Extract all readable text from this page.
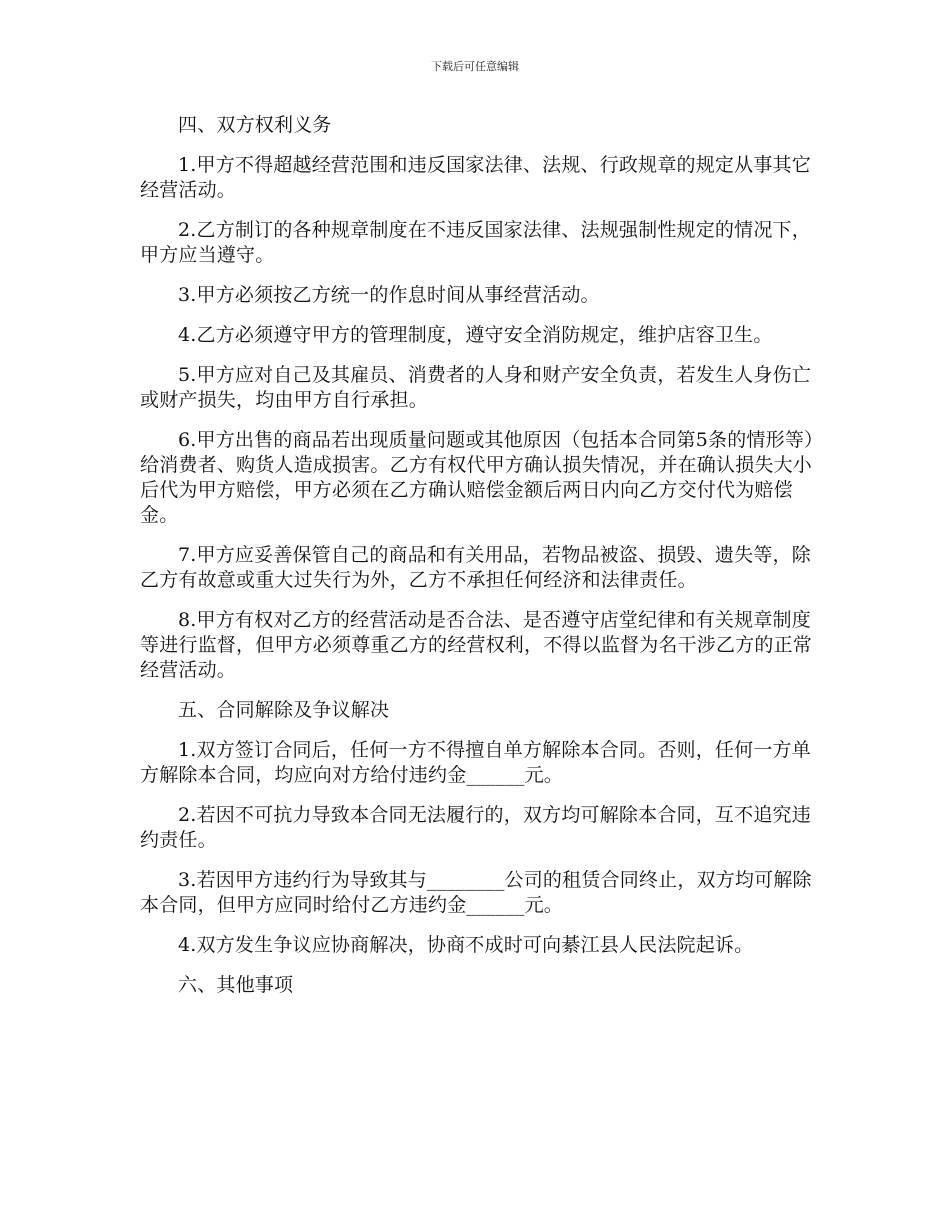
下载后可任意编辑

四、双方权利义务

1.甲方不得超越经营范围和违反国家法律、法规、行政规章的规定从事其它经营活动。

2.乙方制订的各种规章制度在不违反国家法律、法规强制性规定的情况下，甲方应当遵守。

3.甲方必须按乙方统一的作息时间从事经营活动。

4.乙方必须遵守甲方的管理制度，遵守安全消防规定，维护店容卫生。

5.甲方应对自己及其雇员、消费者的人身和财产安全负责，若发生人身伤亡或财产损失，均由甲方自行承担。

6.甲方出售的商品若出现质量问题或其他原因（包括本合同第5条的情形等）给消费者、购货人造成损害。乙方有权代甲方确认损失情况，并在确认损失大小后代为甲方赔偿，甲方必须在乙方确认赔偿金额后两日内向乙方交付代为赔偿金。

7.甲方应妥善保管自己的商品和有关用品，若物品被盗、损毁、遗失等，除乙方有故意或重大过失行为外，乙方不承担任何经济和法律责任。

8.甲方有权对乙方的经营活动是否合法、是否遵守店堂纪律和有关规章制度等进行监督，但甲方必须尊重乙方的经营权利，不得以监督为名干涉乙方的正常经营活动。

五、合同解除及争议解决

1.双方签订合同后，任何一方不得擅自单方解除本合同。否则，任何一方单方解除本合同，均应向对方给付违约金______元。

2.若因不可抗力导致本合同无法履行的，双方均可解除本合同，互不追究违约责任。

3.若因甲方违约行为导致其与________公司的租赁合同终止，双方均可解除本合同，但甲方应同时给付乙方违约金______元。

4.双方发生争议应协商解决，协商不成时可向綦江县人民法院起诉。

六、其他事项
